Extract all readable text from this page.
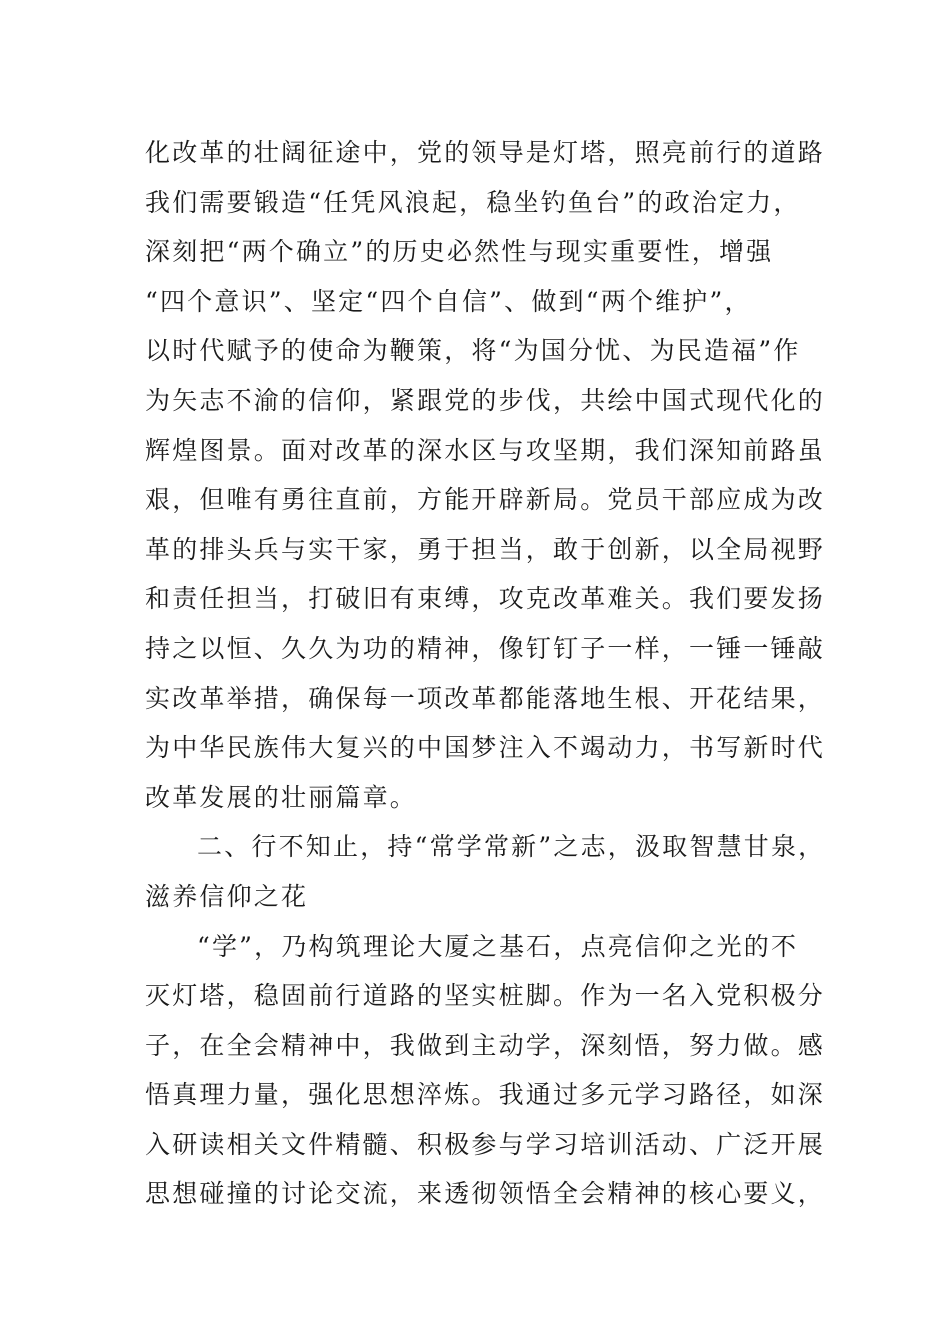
化改革的壮阔征途中，党的领导是灯塔，照亮前行的道路
我们需要锻造“任凭风浪起，稳坐钓鱼台”的政治定力，
深刻把“两个确立”的历史必然性与现实重要性，增强
“四个意识”、坚定“四个自信”、做到“两个维护”，
以时代赋予的使命为鞭策，将“为国分忧、为民造福”作
为矢志不渝的信仰，紧跟党的步伐，共绘中国式现代化的
辉煌图景。面对改革的深水区与攻坚期，我们深知前路虽
艰，但唯有勇往直前，方能开辟新局。党员干部应成为改
革的排头兵与实干家，勇于担当，敢于创新，以全局视野
和责任担当，打破旧有束缚，攻克改革难关。我们要发扬
持之以恒、久久为功的精神，像钉钉子一样，一锤一锤敲
实改革举措，确保每一项改革都能落地生根、开花结果，
为中华民族伟大复兴的中国梦注入不竭动力，书写新时代
改革发展的壮丽篇章。
二、行不知止，持“常学常新”之志，汲取智慧甘泉，
滋养信仰之花
“学”，乃构筑理论大厦之基石，点亮信仰之光的不
灭灯塔，稳固前行道路的坚实桩脚。作为一名入党积极分
子，在全会精神中，我做到主动学，深刻悟，努力做。感
悟真理力量，强化思想淬炼。我通过多元学习路径，如深
入研读相关文件精髓、积极参与学习培训活动、广泛开展
思想碰撞的讨论交流，来透彻领悟全会精神的核心要义，
